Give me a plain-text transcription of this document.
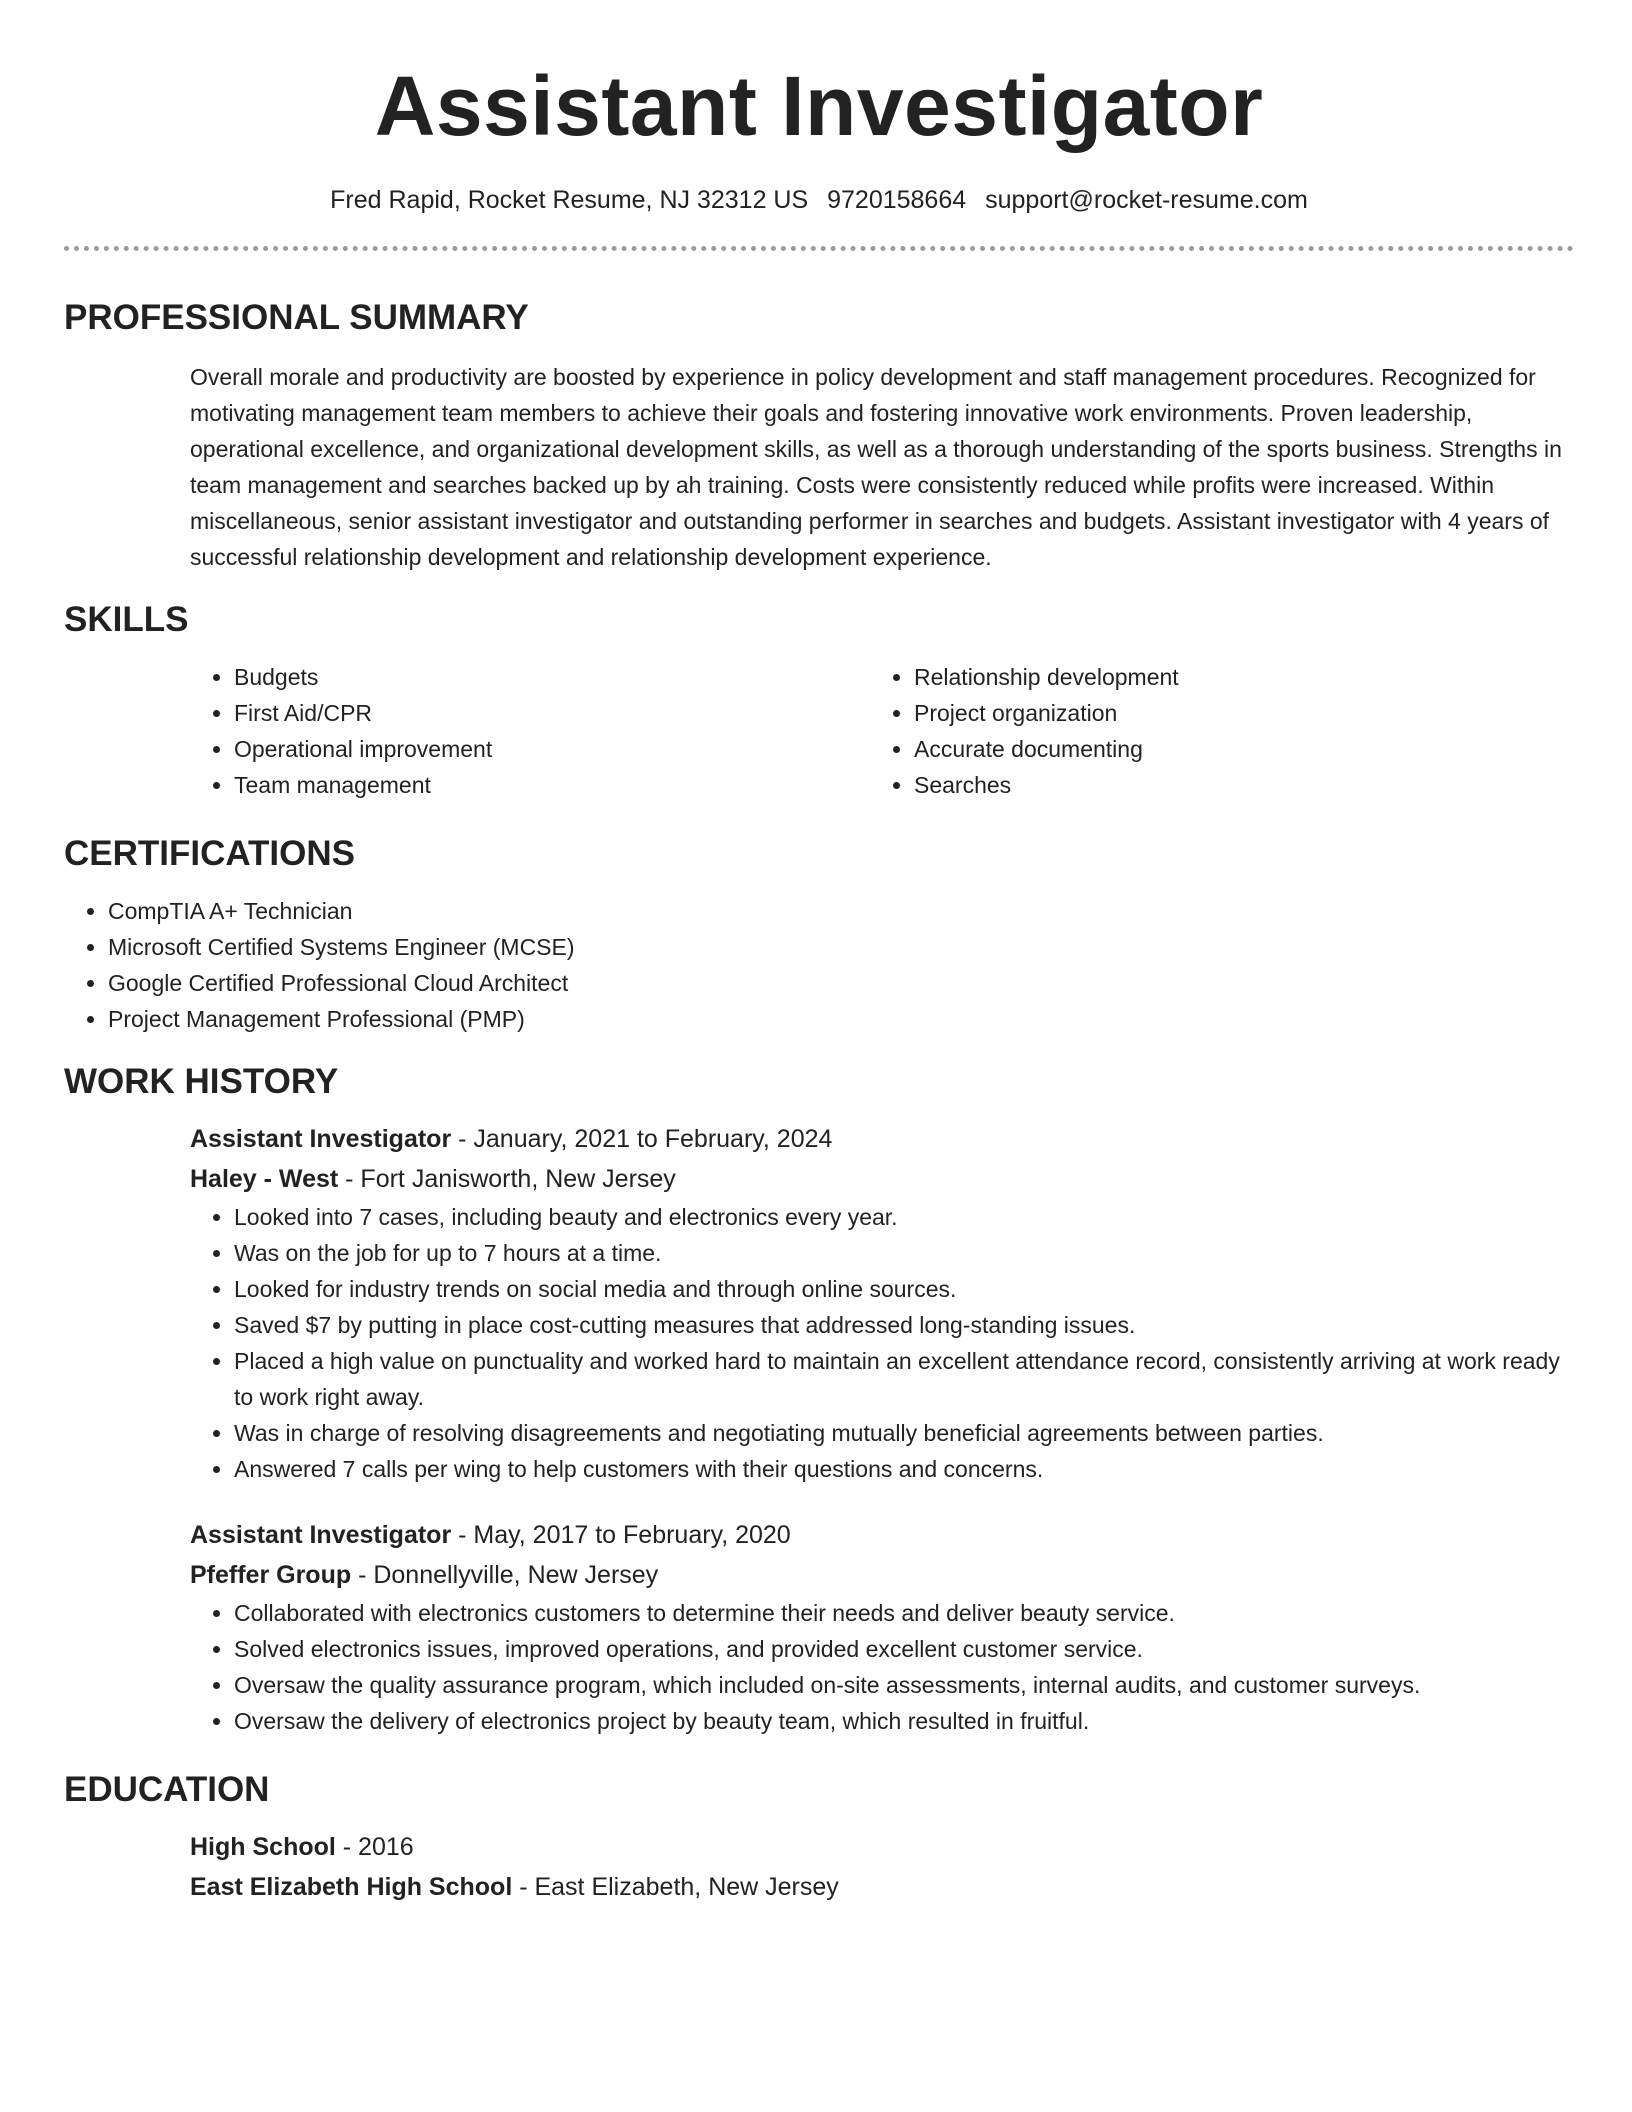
Assistant Investigator
Fred Rapid, Rocket Resume, NJ 32312 US 9720158664 support@rocket-resume.com
PROFESSIONAL SUMMARY
Overall morale and productivity are boosted by experience in policy development and staff management procedures. Recognized for motivating management team members to achieve their goals and fostering innovative work environments. Proven leadership, operational excellence, and organizational development skills, as well as a thorough understanding of the sports business. Strengths in team management and searches backed up by ah training. Costs were consistently reduced while profits were increased. Within miscellaneous, senior assistant investigator and outstanding performer in searches and budgets. Assistant investigator with 4 years of successful relationship development and relationship development experience.
SKILLS
• Budgets
• First Aid/CPR
• Operational improvement
• Team management
• Relationship development
• Project organization
• Accurate documenting
• Searches
CERTIFICATIONS
• CompTIA A+ Technician
• Microsoft Certified Systems Engineer (MCSE)
• Google Certified Professional Cloud Architect
• Project Management Professional (PMP)
WORK HISTORY
Assistant Investigator - January, 2021 to February, 2024
Haley - West - Fort Janisworth, New Jersey
• Looked into 7 cases, including beauty and electronics every year.
• Was on the job for up to 7 hours at a time.
• Looked for industry trends on social media and through online sources.
• Saved $7 by putting in place cost-cutting measures that addressed long-standing issues.
• Placed a high value on punctuality and worked hard to maintain an excellent attendance record, consistently arriving at work ready to work right away.
• Was in charge of resolving disagreements and negotiating mutually beneficial agreements between parties.
• Answered 7 calls per wing to help customers with their questions and concerns.
Assistant Investigator - May, 2017 to February, 2020
Pfeffer Group - Donnellyville, New Jersey
• Collaborated with electronics customers to determine their needs and deliver beauty service.
• Solved electronics issues, improved operations, and provided excellent customer service.
• Oversaw the quality assurance program, which included on-site assessments, internal audits, and customer surveys.
• Oversaw the delivery of electronics project by beauty team, which resulted in fruitful.
EDUCATION
High School - 2016
East Elizabeth High School - East Elizabeth, New Jersey
